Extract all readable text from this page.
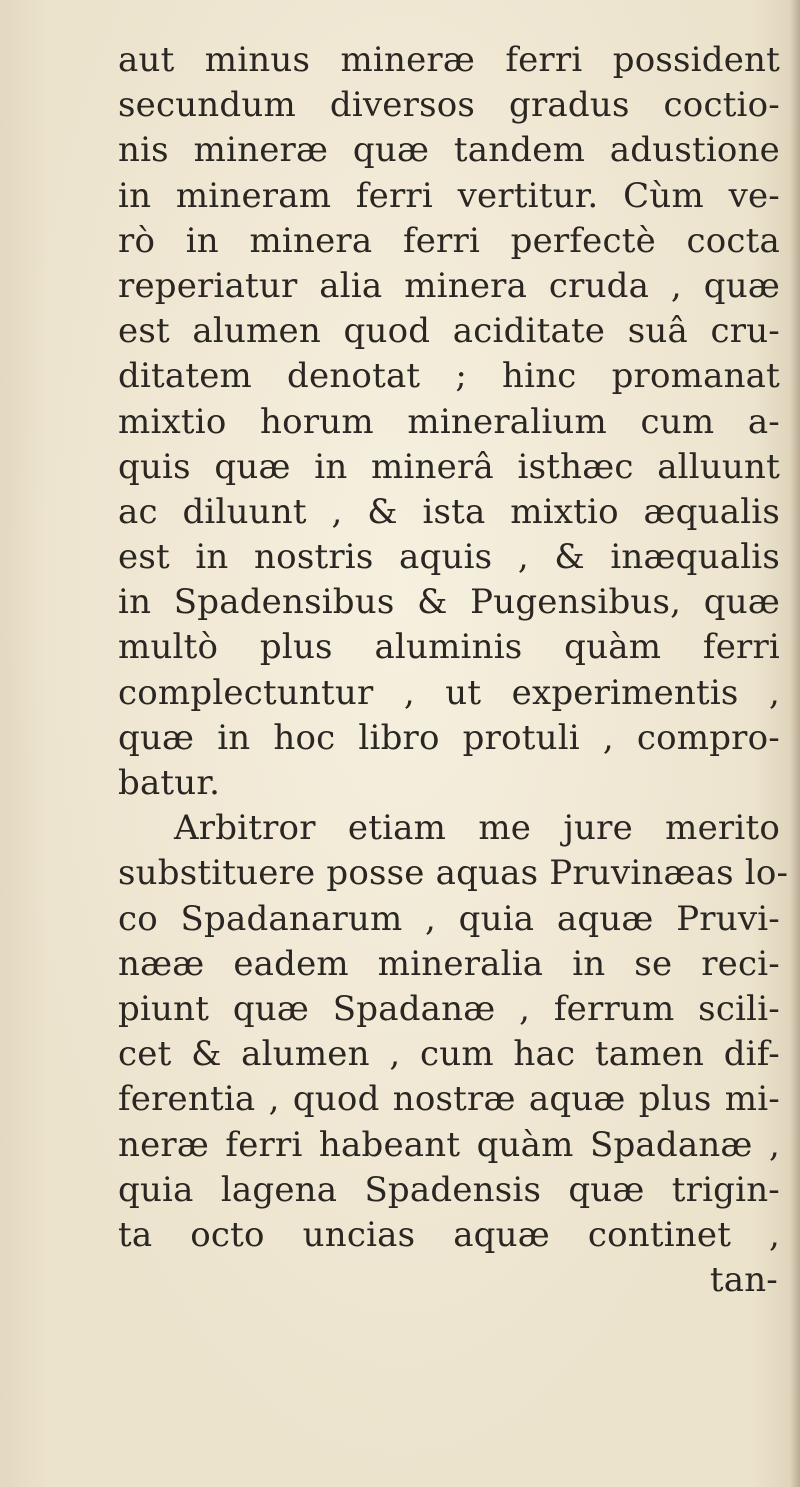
aut minus mineræ ferri possident
secundum diversos gradus coctio-
nis mineræ quæ tandem adustione
in mineram ferri vertitur. Cùm ve-
rò in minera ferri perfectè cocta
reperiatur alia minera cruda , quæ
est alumen quod aciditate suâ cru-
ditatem denotat ; hinc promanat
mixtio horum mineralium cum a-
quis quæ in minerâ isthæc alluunt
ac diluunt , & ista mixtio æqualis
est in nostris aquis , & inæqualis
in Spadensibus & Pugensibus, quæ
multò plus aluminis quàm ferri
complectuntur , ut experimentis ,
quæ in hoc libro protuli , compro-
batur.
Arbitror etiam me jure merito
substituere posse aquas Pruvinæas lo-
co Spadanarum , quia aquæ Pruvi-
nææ eadem mineralia in se reci-
piunt quæ Spadanæ , ferrum scili-
cet & alumen , cum hac tamen dif-
ferentia , quod nostræ aquæ plus mi-
neræ ferri habeant quàm Spadanæ ,
quia lagena Spadensis quæ trigin-
ta octo uncias aquæ continet ,
tan-
